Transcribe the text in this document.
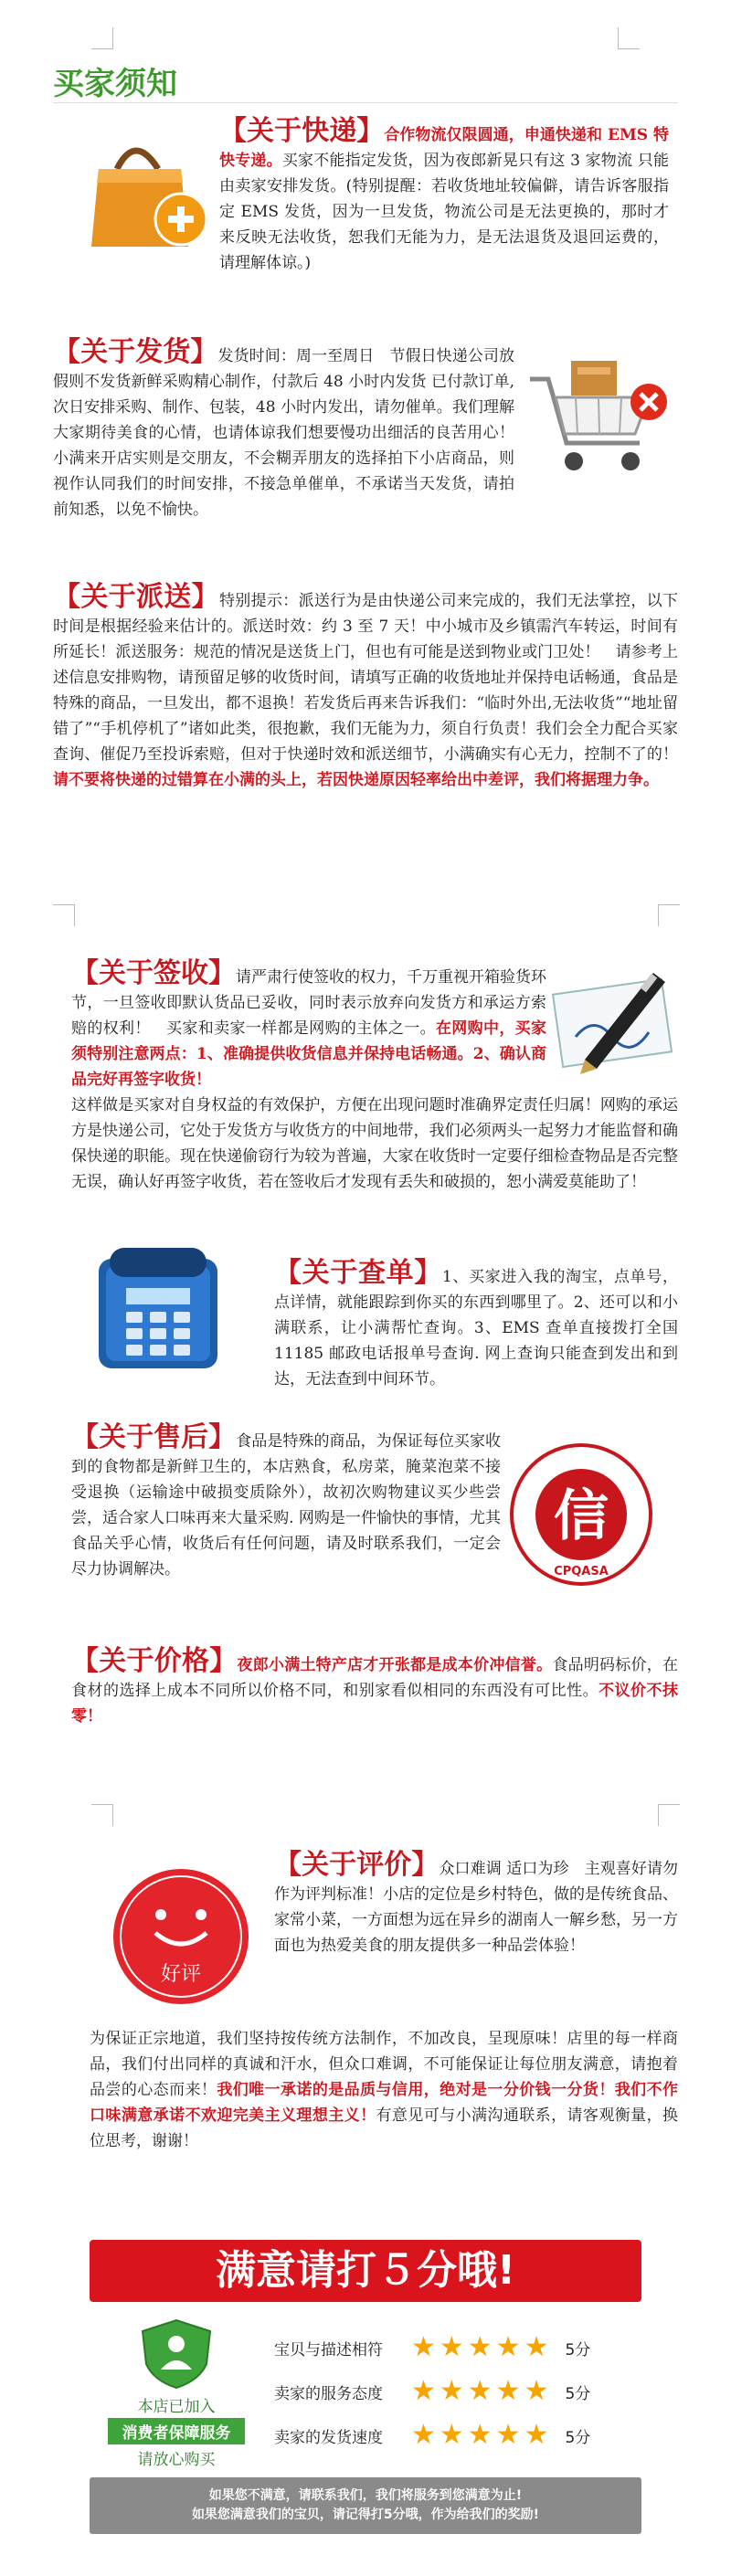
买家须知
【关于快递】合作物流仅限圆通，申通快递和 EMS 特快专递。买家不能指定发货，因为夜郎新晃只有这 3 家物流 只能由卖家安排发货。(特别提醒：若收货地址较偏僻，请告诉客服指定 EMS 发货，因为一旦发货，物流公司是无法更换的，那时才来反映无法收货，恕我们无能为力，是无法退货及退回运费的，请理解体谅。)
【关于发货】发货时间：周一至周日　节假日快递公司放假则不发货新鲜采购精心制作，付款后 48 小时内发货 已付款订单,次日安排采购、制作、包装，48 小时内发出，请勿催单。我们理解大家期待美食的心情，也请体谅我们想要慢功出细活的良苦用心！小满来开店实则是交朋友，不会糊弄朋友的选择拍下小店商品，则视作认同我们的时间安排，不接急单催单，不承诺当天发货，请拍前知悉，以免不愉快。
【关于派送】特别提示：派送行为是由快递公司来完成的，我们无法掌控，以下时间是根据经验来估计的。派送时效：约 3 至 7 天！中小城市及乡镇需汽车转运，时间有所延长！派送服务：规范的情况是送货上门，但也有可能是送到物业或门卫处！　请参考上述信息安排购物，请预留足够的收货时间，请填写正确的收货地址并保持电话畅通，食品是特殊的商品，一旦发出，都不退换！若发货后再来告诉我们：“临时外出,无法收货”“地址留错了”“手机停机了”诸如此类，很抱歉，我们无能为力，须自行负责！我们会全力配合买家查询、催促乃至投诉索赔，但对于快递时效和派送细节，小满确实有心无力，控制不了的！请不要将快递的过错算在小满的头上，若因快递原因轻率给出中差评，我们将据理力争。
【关于签收】请严肃行使签收的权力，千万重视开箱验货环节，一旦签收即默认货品已妥收，同时表示放弃向发货方和承运方索赔的权利！　买家和卖家一样都是网购的主体之一。在网购中，买家须特别注意两点：1、准确提供收货信息并保持电话畅通。2、确认商品完好再签字收货！
这样做是买家对自身权益的有效保护，方便在出现问题时准确界定责任归属！网购的承运方是快递公司，它处于发货方与收货方的中间地带，我们必须两头一起努力才能监督和确保快递的职能。现在快递偷窃行为较为普遍，大家在收货时一定要仔细检查物品是否完整无误，确认好再签字收货，若在签收后才发现有丢失和破损的，恕小满爱莫能助了！
【关于查单】1、买家进入我的淘宝，点单号，点详情，就能跟踪到你买的东西到哪里了。2、还可以和小满联系，让小满帮忙查询。3、EMS 查单直接拨打全国 11185 邮政电话报单号查询. 网上查询只能查到发出和到达，无法查到中间环节。
【关于售后】食品是特殊的商品，为保证每位买家收到的食物都是新鲜卫生的，本店熟食，私房菜，腌菜泡菜不接受退换（运输途中破损变质除外），故初次购物建议买少些尝尝，适合家人口味再来大量采购. 网购是一件愉快的事情，尤其食品关乎心情，收货后有任何问题，请及时联系我们，一定会尽力协调解决。
信
CPQASA
【关于价格】夜郎小满土特产店才开张都是成本价冲信誉。食品明码标价，在食材的选择上成本不同所以价格不同，和别家看似相同的东西没有可比性。不议价不抹零！
好评
【关于评价】众口难调 适口为珍　主观喜好请勿作为评判标准！小店的定位是乡村特色，做的是传统食品、家常小菜，一方面想为远在异乡的湖南人一解乡愁，另一方面也为热爱美食的朋友提供多一种品尝体验！
为保证正宗地道，我们坚持按传统方法制作，不加改良，呈现原味！店里的每一样商品，我们付出同样的真诚和汗水，但众口难调，不可能保证让每位朋友满意，请抱着品尝的心态而来！我们唯一承诺的是品质与信用，绝对是一分价钱一分货！我们不作口味满意承诺不欢迎完美主义理想主义！有意见可与小满沟通联系，请客观衡量，换位思考，谢谢！
满意请打５分哦!
本店已加入
消费者保障服务
请放心购买
宝贝与描述相符	★★★★★ 5分
卖家的服务态度	★★★★★ 5分
卖家的发货速度	★★★★★ 5分
如果您不满意，请联系我们，我们将服务到您满意为止!
如果您满意我们的宝贝，请记得打5分哦，作为给我们的奖励!
